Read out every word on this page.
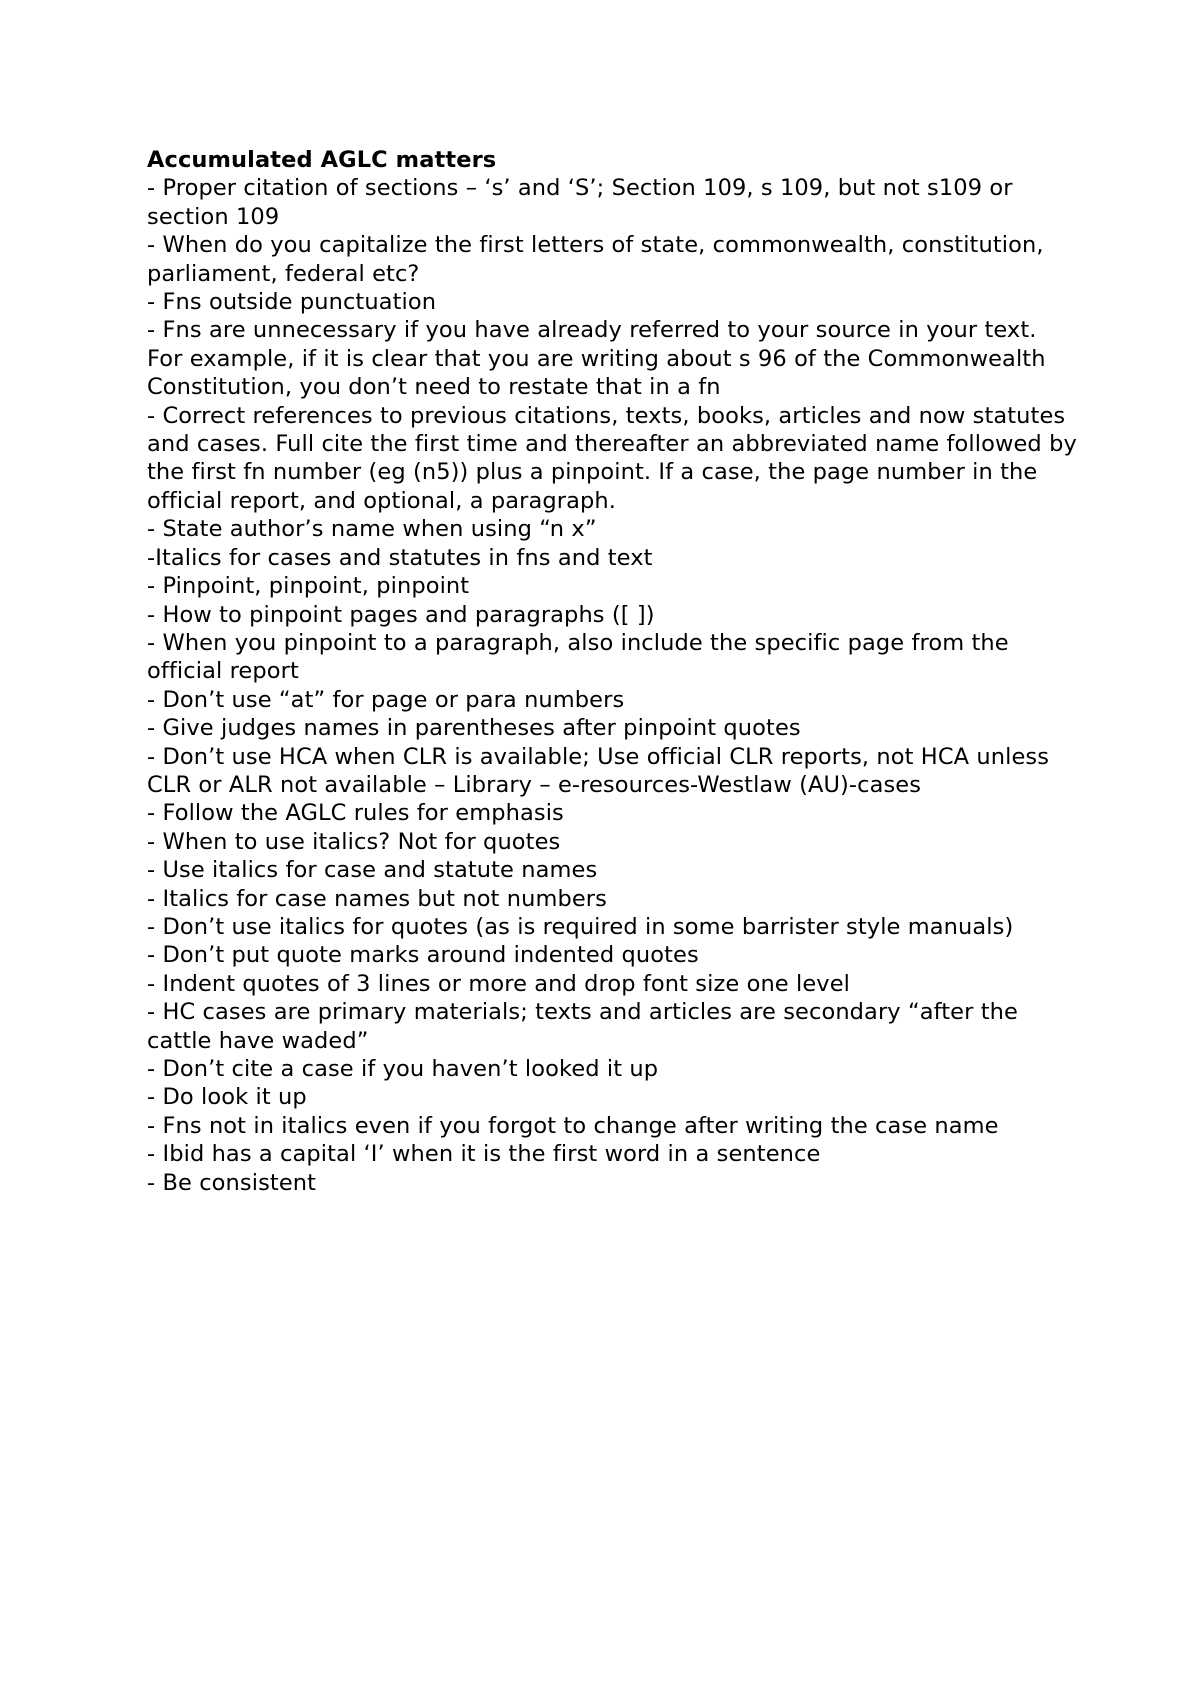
Accumulated AGLC matters

- Proper citation of sections – ‘s’ and ‘S’; Section 109, s 109, but not s109 or section 109

- When do you capitalize the first letters of state, commonwealth, constitution, parliament, federal etc?

- Fns outside punctuation

- Fns are unnecessary if you have already referred to your source in your text. For example, if it is clear that you are writing about s 96 of the Commonwealth Constitution, you don’t need to restate that in a fn

- Correct references to previous citations, texts, books, articles and now statutes and cases. Full cite the first time and thereafter an abbreviated name followed by the first fn number (eg (n5)) plus a pinpoint. If a case, the page number in the official report, and optional, a paragraph.

- State author’s name when using “n x”

-Italics for cases and statutes in fns and text

- Pinpoint, pinpoint, pinpoint

- How to pinpoint pages and paragraphs ([ ])

- When you pinpoint to a paragraph, also include the specific page from the official report

- Don’t use “at” for page or para numbers

- Give judges names in parentheses after pinpoint quotes

- Don’t use HCA when CLR is available; Use official CLR reports, not HCA unless CLR or ALR not available – Library – e-resources-Westlaw (AU)-cases

- Follow the AGLC rules for emphasis

- When to use italics? Not for quotes

- Use italics for case and statute names

- Italics for case names but not numbers

- Don’t use italics for quotes (as is required in some barrister style manuals)

- Don’t put quote marks around indented quotes

- Indent quotes of 3 lines or more and drop font size one level

- HC cases are primary materials; texts and articles are secondary “after the cattle have waded”

- Don’t cite a case if you haven’t looked it up

- Do look it up

- Fns not in italics even if you forgot to change after writing the case name

- Ibid has a capital ‘I’ when it is the first word in a sentence

- Be consistent
